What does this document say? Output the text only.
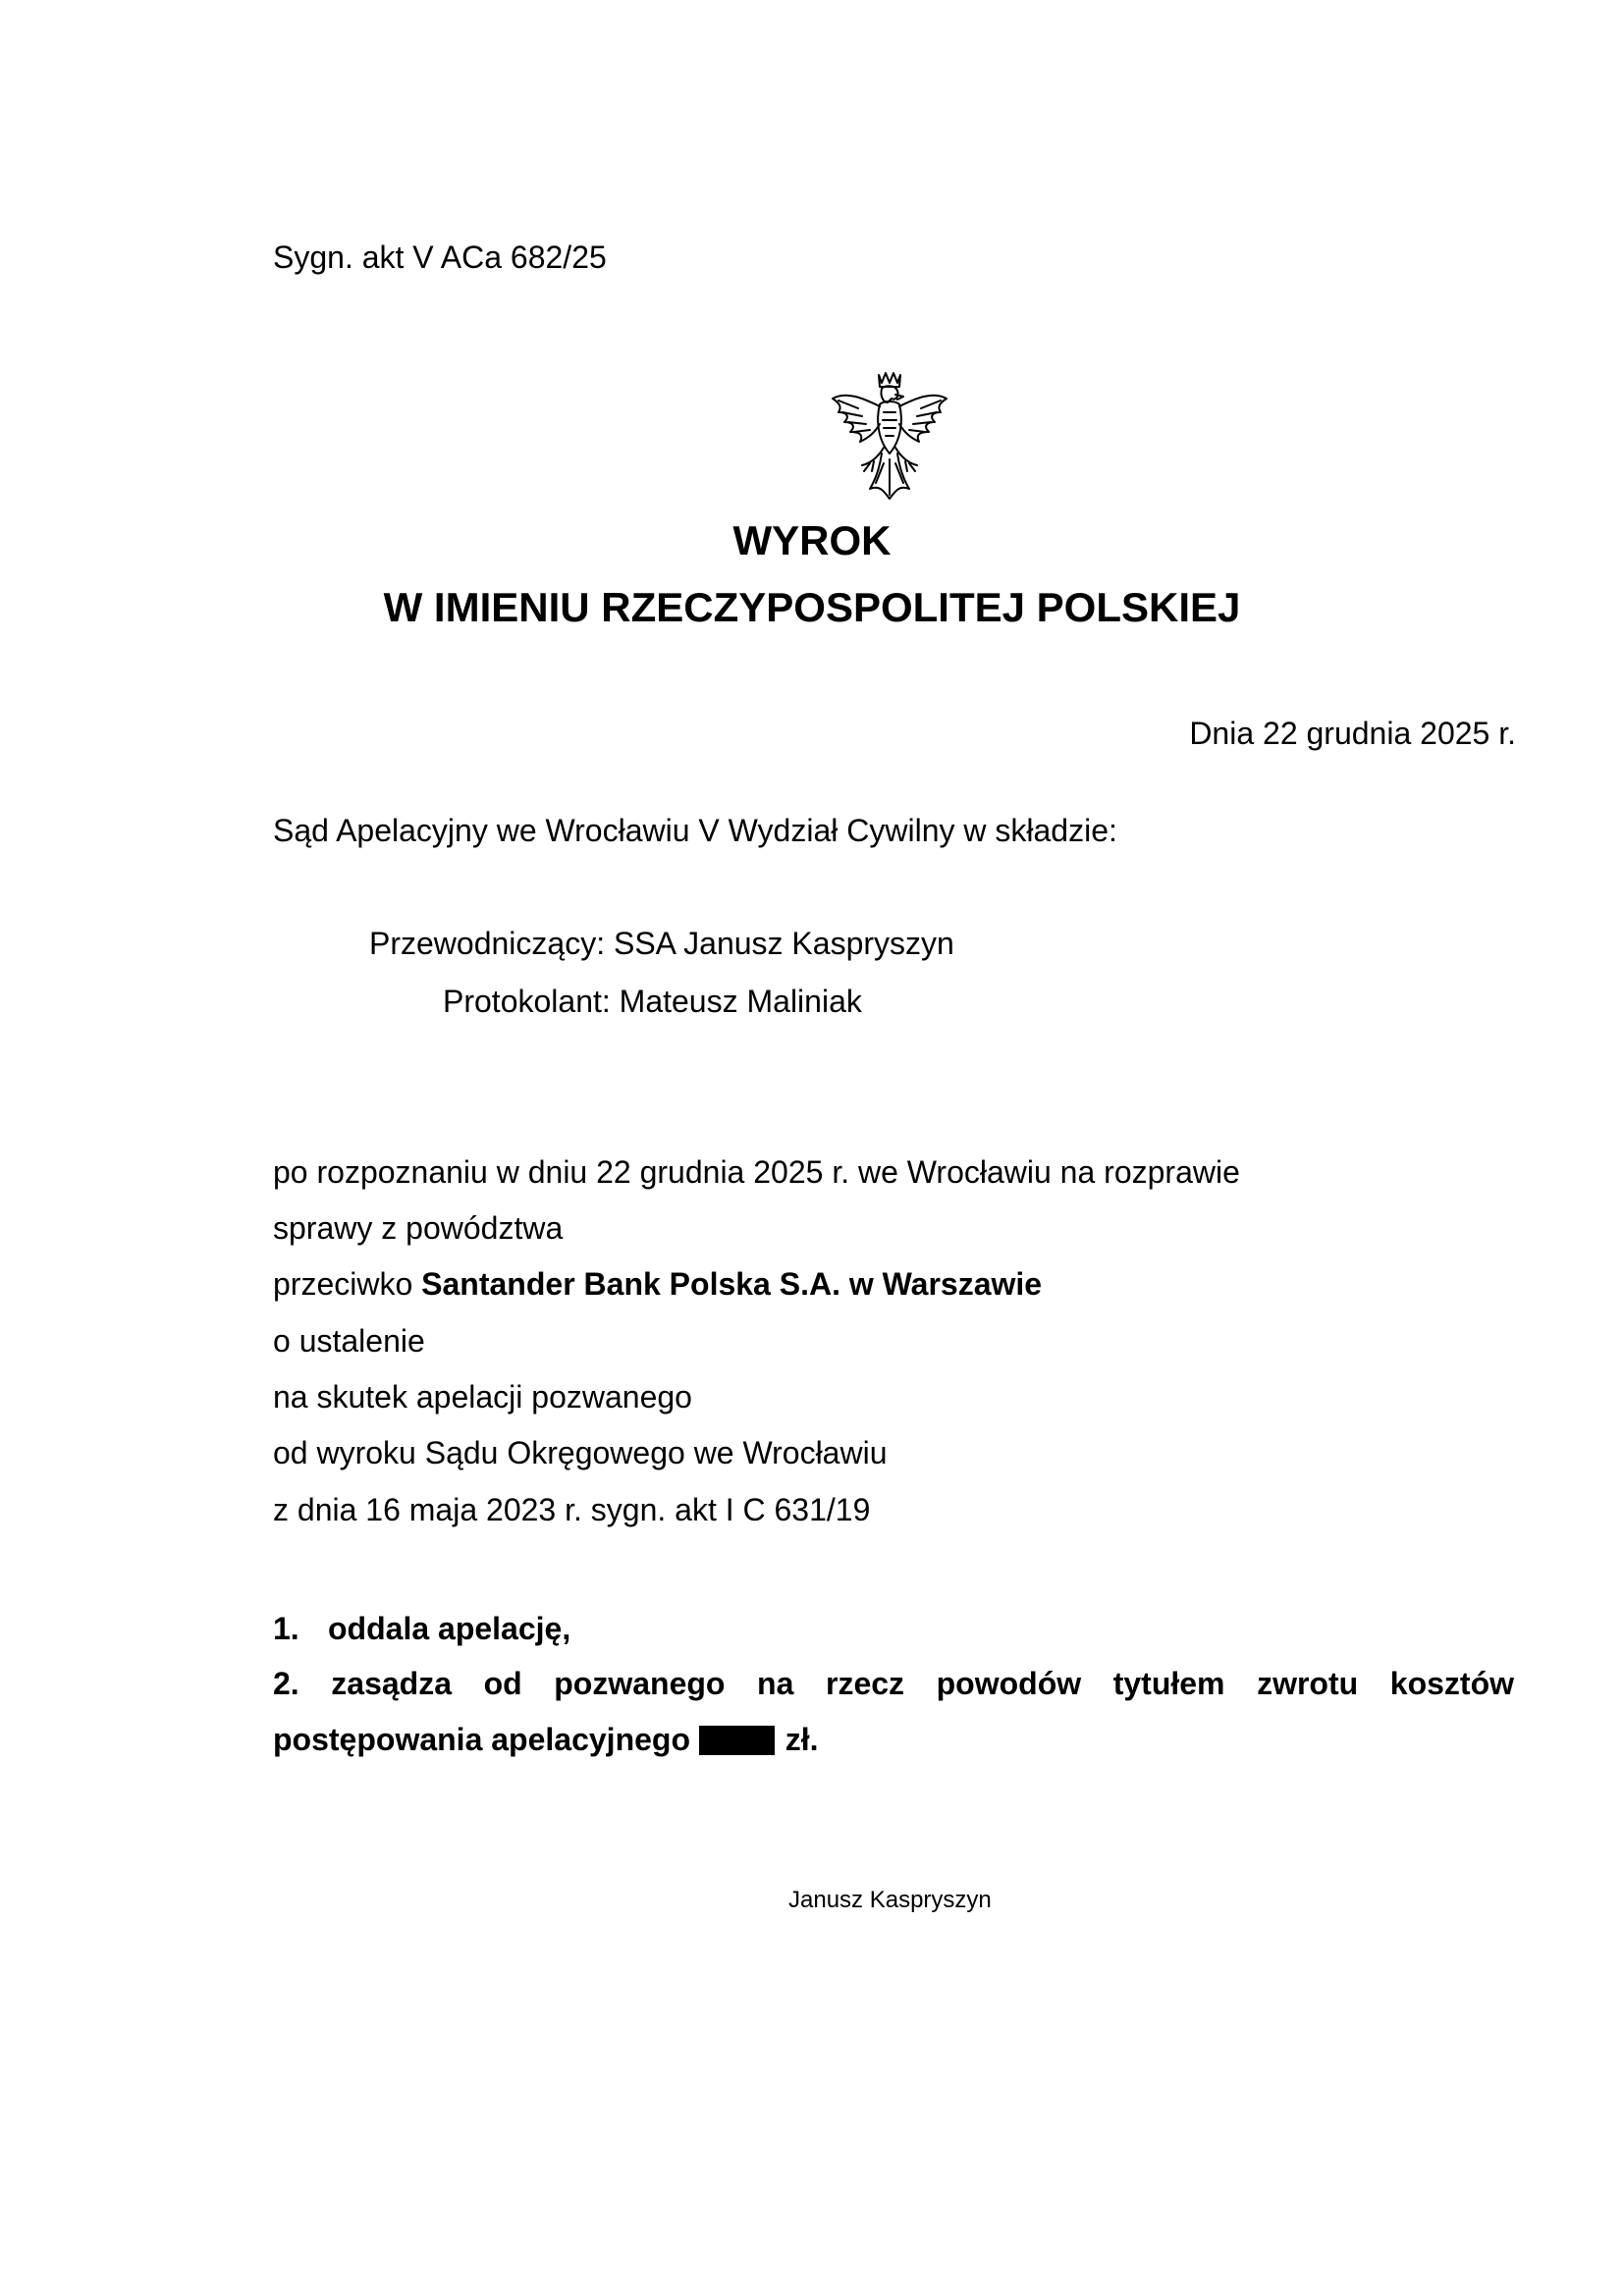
Sygn. akt V ACa 682/25
WYROK
W IMIENIU RZECZYPOSPOLITEJ POLSKIEJ
Dnia 22 grudnia 2025 r.
Sąd Apelacyjny we Wrocławiu V Wydział Cywilny w składzie:
Przewodniczący: SSA Janusz Kaspryszyn
Protokolant: Mateusz Maliniak
po rozpoznaniu w dniu 22 grudnia 2025 r. we Wrocławiu na rozprawie
sprawy z powództwa
przeciwko Santander Bank Polska S.A. w Warszawie
o ustalenie
na skutek apelacji pozwanego
od wyroku Sądu Okręgowego we Wrocławiu
z dnia 16 maja 2023 r. sygn. akt I C 631/19
1. oddala apelację,
2. zasądza od pozwanego na rzecz powodów tytułem zwrotu kosztów
postępowania apelacyjnego	zł.
Janusz Kaspryszyn
